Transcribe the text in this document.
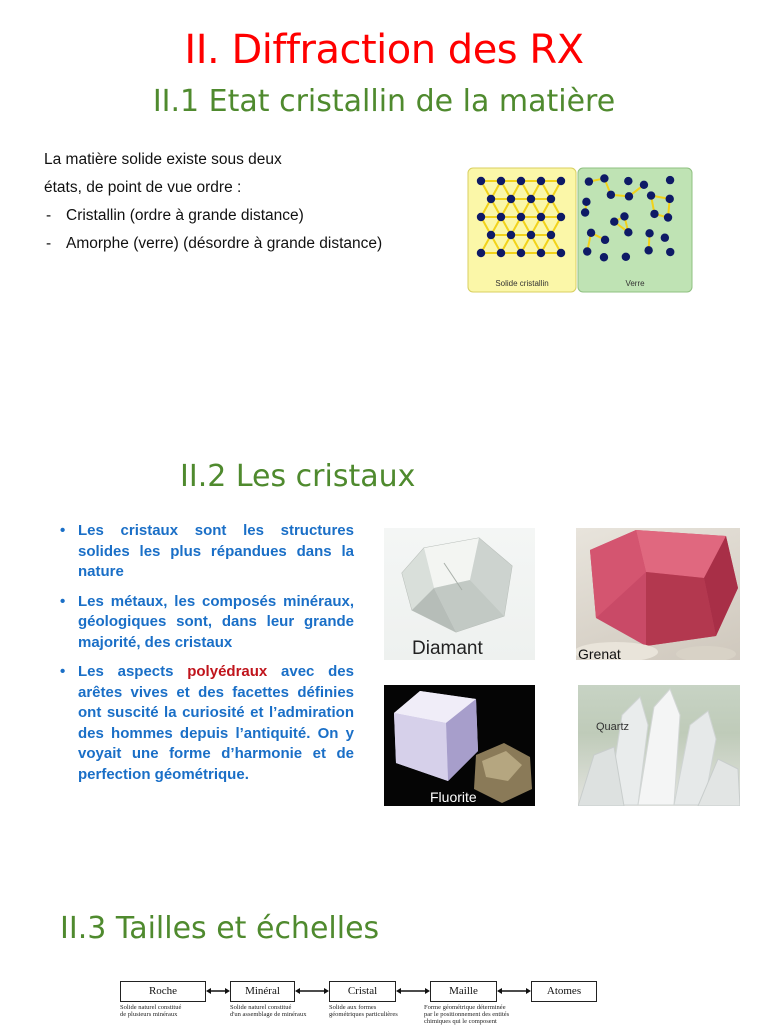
II. Diffraction des RX
II.1 Etat cristallin de la matière
La matière solide existe sous deux
états, de point de vue ordre :
- Cristallin (ordre à grande distance)
- Amorphe (verre) (désordre à grande distance)
Solide cristallin	Verre
II.2 Les cristaux
• Les cristaux sont les structures solides les plus répandues dans la nature
• Les métaux, les composés minéraux, géologiques sont, dans leur grande majorité, des cristaux
• Les aspects polyédraux avec des arêtes vives et des facettes définies ont suscité la curiosité et l’admiration des hommes depuis l’antiquité. On y voyait une forme d’harmonie et de perfection géométrique.
Diamant	Grenat
Fluorite
Quartz
II.3 Tailles et échelles
Roche	Minéral	Cristal	Maille	Atomes
Solide naturel constitué
de plusieurs minéraux
Solide naturel constitué
d'un assemblage de minéraux
Solide aux formes
géométriques particulières
Forme géométrique déterminée
par le positionnement des entités
chimiques qui le composent
